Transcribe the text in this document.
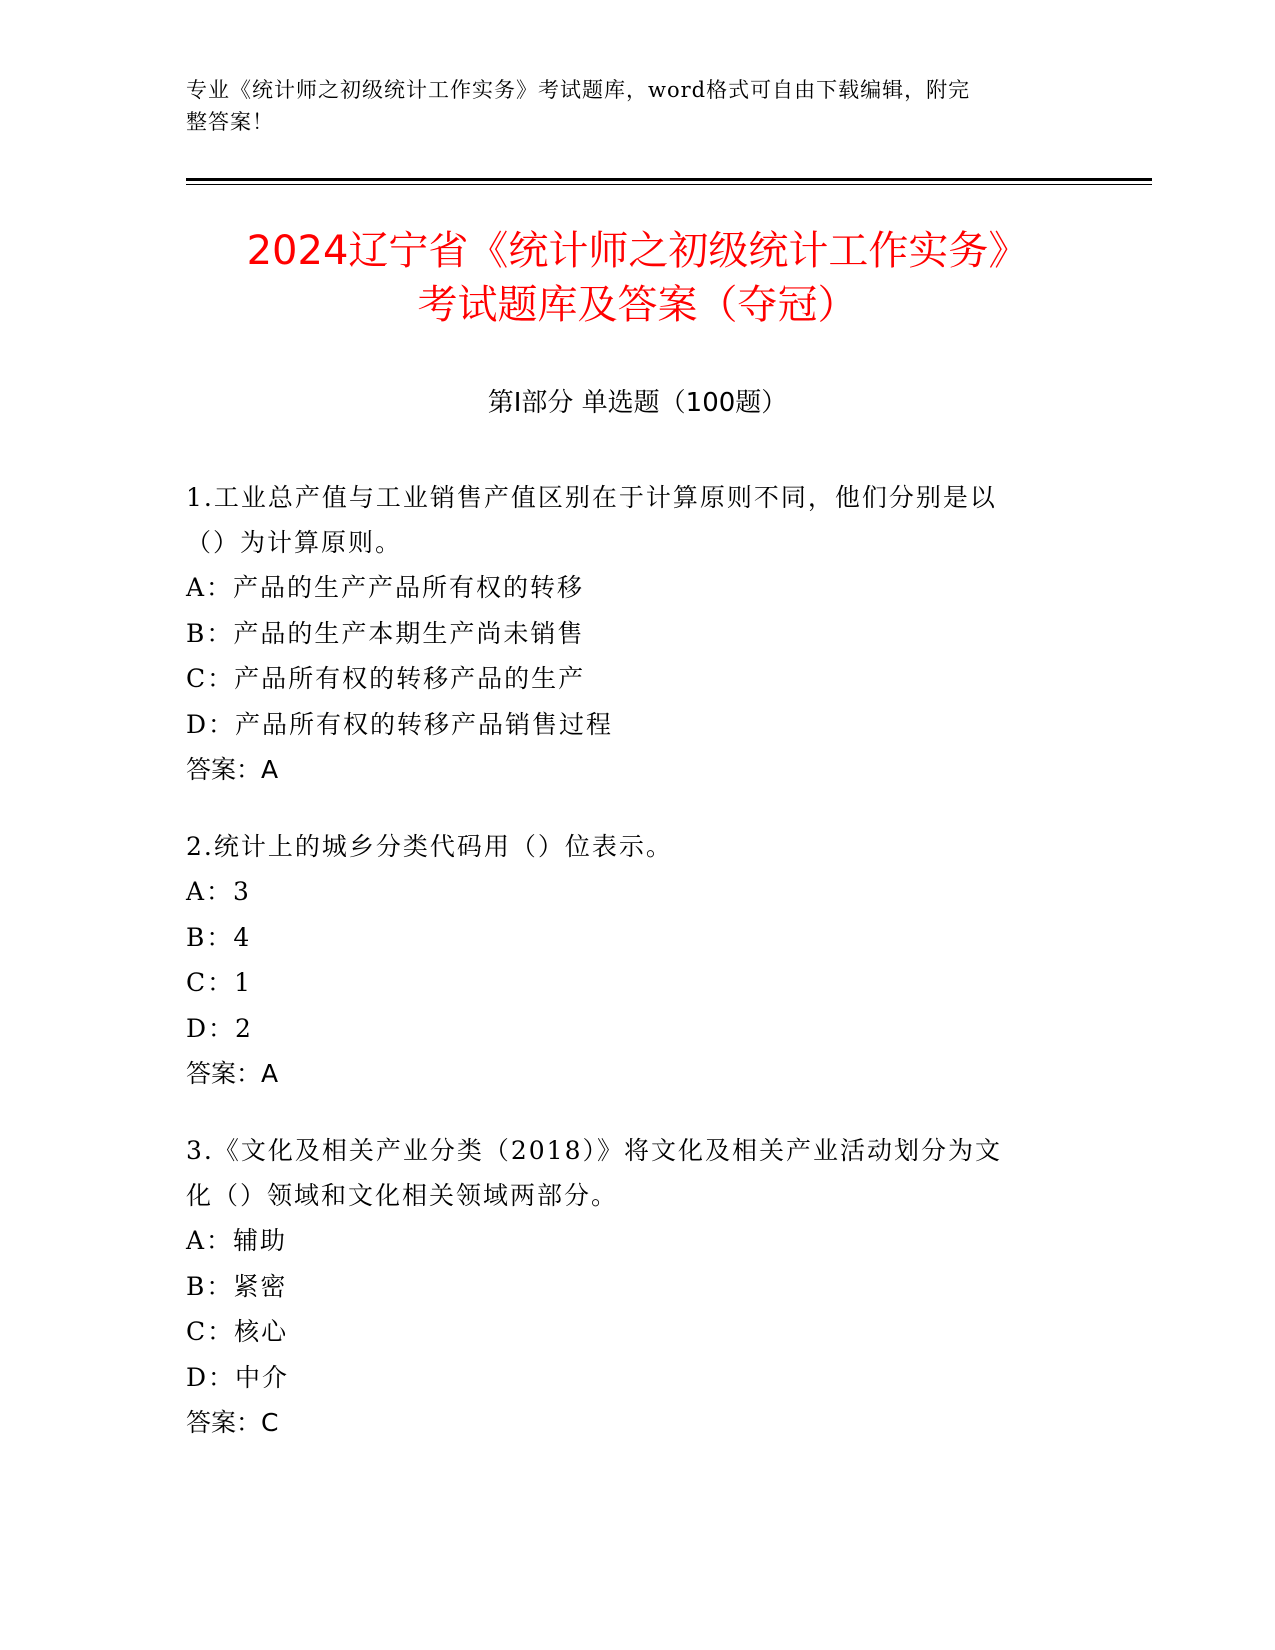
专业《统计师之初级统计工作实务》考试题库，word格式可自由下载编辑，附完
整答案！
2024辽宁省《统计师之初级统计工作实务》
考试题库及答案（夺冠）
第Ⅰ部分 单选题（100题）
1.工业总产值与工业销售产值区别在于计算原则不同，他们分别是以
（）为计算原则。
A：产品的生产产品所有权的转移
B：产品的生产本期生产尚未销售
C：产品所有权的转移产品的生产
D：产品所有权的转移产品销售过程
答案：A
2.统计上的城乡分类代码用（）位表示。
A：3
B：4
C：1
D：2
答案：A
3.《文化及相关产业分类（2018）》将文化及相关产业活动划分为文
化（）领域和文化相关领域两部分。
A：辅助
B：紧密
C：核心
D：中介
答案：C
